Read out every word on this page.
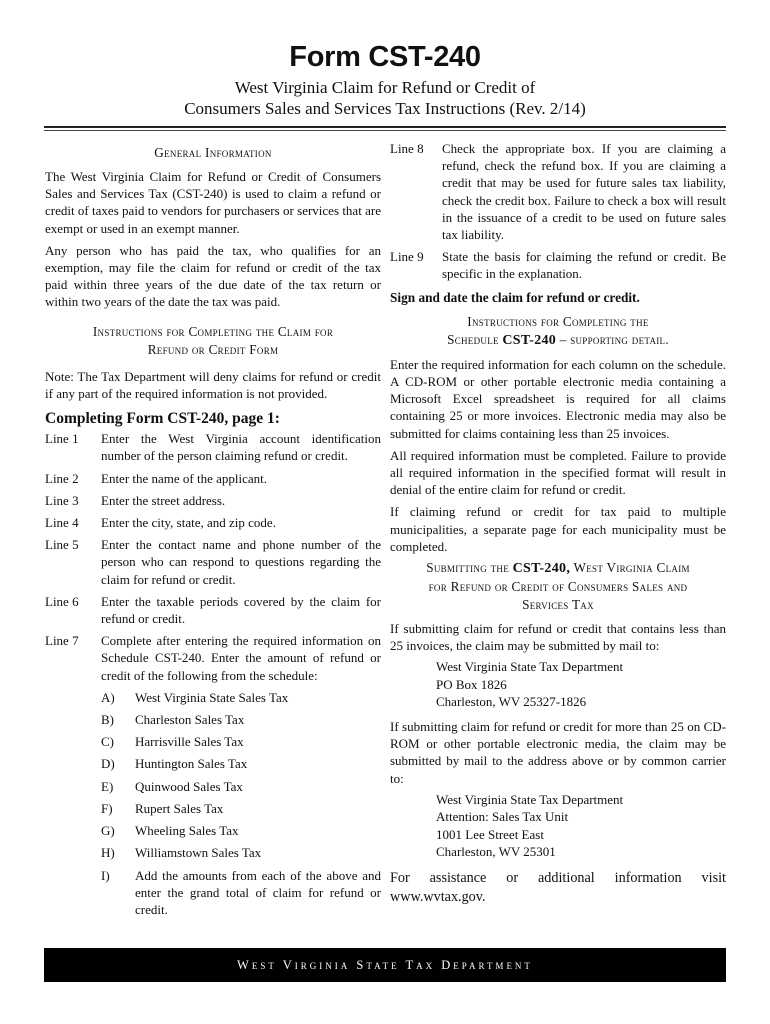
Form CST-240
West Virginia Claim for Refund or Credit of
Consumers Sales and Services Tax Instructions (Rev. 2/14)
General Information

The West Virginia Claim for Refund or Credit of Consumers Sales and Services Tax (CST-240) is used to claim a refund or credit of taxes paid to vendors for purchasers or services that are exempt or used in an exempt manner.

Any person who has paid the tax, who qualifies for an exemption, may file the claim for refund or credit of the tax paid within three years of the due date of the tax return or within two years of the date the tax was paid.

Instructions for Completing the Claim for
Refund or Credit Form

Note: The Tax Department will deny claims for refund or credit if any part of the required information is not provided.

Completing Form CST-240, page 1:
Line 1	Enter the West Virginia account identification number of the person claiming refund or credit.
Line 2	Enter the name of the applicant.
Line 3	Enter the street address.
Line 4	Enter the city, state, and zip code.
Line 5	Enter the contact name and phone number of the person who can respond to questions regarding the claim for refund or credit.
Line 6	Enter the taxable periods covered by the claim for refund or credit.
Line 7	Complete after entering the required information on Schedule CST-240. Enter the amount of refund or credit of the following from the schedule:
A)	West Virginia State Sales Tax
B)	Charleston Sales Tax
C)	Harrisville Sales Tax
D)	Huntington Sales Tax
E)	Quinwood Sales Tax
F)	Rupert Sales Tax
G)	Wheeling Sales Tax
H)	Williamstown Sales Tax
I)	Add the amounts from each of the above and enter the grand total of claim for refund or credit.
Line 8	Check the appropriate box. If you are claiming a refund, check the refund box. If you are claiming a credit that may be used for future sales tax liability, check the credit box. Failure to check a box will result in the issuance of a credit to be used on future sales tax liability.
Line 9	State the basis for claiming the refund or credit. Be specific in the explanation.

Sign and date the claim for refund or credit.

Instructions for Completing the
Schedule CST-240 – supporting detail.

Enter the required information for each column on the schedule. A CD-ROM or other portable electronic media containing a Microsoft Excel spreadsheet is required for all claims containing 25 or more invoices. Electronic media may also be submitted for claims containing less than 25 invoices.

All required information must be completed. Failure to provide all required information in the specified format will result in denial of the entire claim for refund or credit.

If claiming refund or credit for tax paid to multiple municipalities, a separate page for each municipality must be completed.

Submitting the CST-240, West Virginia Claim
for Refund or Credit of Consumers Sales and
Services Tax

If submitting claim for refund or credit that contains less than 25 invoices, the claim may be submitted by mail to:

West Virginia State Tax Department
PO Box 1826
Charleston, WV 25327-1826

If submitting claim for refund or credit for more than 25 on CD-ROM or other portable electronic media, the claim may be submitted by mail to the address above or by common carrier to:

West Virginia State Tax Department
Attention: Sales Tax Unit
1001 Lee Street East
Charleston, WV 25301

For assistance or additional information visit www.wvtax.gov.

West Virginia State Tax Department
